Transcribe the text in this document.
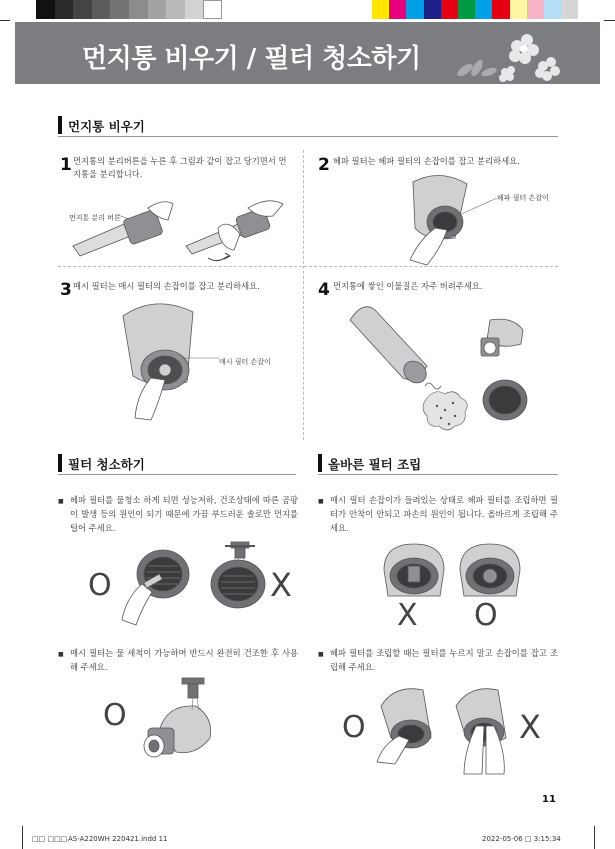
먼지통 비우기 / 필터 청소하기
먼지통 비우기
1 먼지통의 분리버튼을 누른 후 그림과 같이 잡고 당기면서 먼지통을 분리합니다.
먼지통 분리 버튼
2 헤파 필터는 헤파 필터의 손잡이를 잡고 분리하세요.
헤파 필터 손잡이
3 매시 필터는 매시 필터의 손잡이를 잡고 분리하세요.
매시 필터 손잡이
4 먼지통에 쌓인 이물질은 자주 버려주세요.
필터 청소하기
■ 헤파 필터를 물청소 하게 되면 성능저하, 건조상태에 따른 곰팡이 발생 등의 원인이 되기 때문에 가끔 부드러운 솔로만 먼지를 털어 주세요.
O	X
■ 매시 필터는 물 세척이 가능하며 반드시 완전히 건조한 후 사용해 주세요.
O
올바른 필터 조립
■ 매시 필터 손잡이가 들려있는 상태로 헤파 필터를 조립하면 필터가 안착이 안되고 파손의 원인이 됩니다. 올바르게 조립해 주세요.
X O
■ 헤파 필터를 조립할 때는 필터를 누르지 말고 손잡이를 잡고 조립해 주세요.
O	X
11
□□ □□□ AS-A220WH 220421.indd 11	2022-05-06 □ 3:15:34
